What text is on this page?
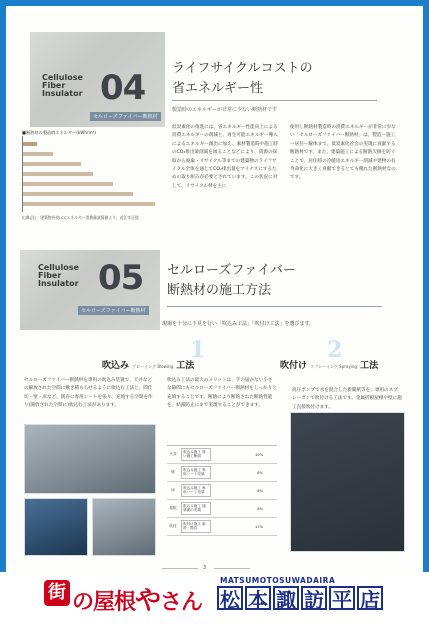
Cellulose
Fiber
Insulator 04
セルローズファイバー断熱材
ライフサイクルコストの
省エネルギー性
製造時のエネルギーが非常に少ない断熱材です
■断熱材の製造時エネルギー(kWh/m³)
出典(注)：建築物外皮LCCエネルギー消費量試算値より、近江幸正他
低炭素化の推進には、省エネルギー性能向上による消費エネルギーの削減と、再生可能エネルギー導入によるエネルギー創出に加え、素材製造時や施工時のCO₂排出量削減を図ることなどにより、資源の採取から廃棄・リサイクル等までの建築物のライフサイクル全体を通じてCO₂排出量をマイナスにするための取り組みが必要とされています。この状況に対して、リサイクル材を主に
使用し断熱材製造時の消費エネルギーが非常に少ない「セルローズファイバー断熱材」は、製造ー施工ー居住ー解体まで、低炭素化社会の実現に貢献する断熱材です。また、建築施工による断熱欠損を防ぐことで、居住時の冷暖房エネルギー削減や建物の長寿命化に大きく貢献できるとても優れた断熱材なのです。
Cellulose
Fiber
Insulator 05
セルローズファイバー断熱材
セルローズファイバー
断熱材の施工方法
現場を十分に下見を行い「吹込み工法」「吹付け工法」を選びます。
1
吹込み ブローイング Blowing 工法
2
吹付け スプレーイング Spraying 工法
セルローズファイバー断熱材を専用の吹込み装置で、天井などの解放された空間に敷き積もらせるように吹込む工法と、間仕切・壁・床など、既存に専用シートを張り、充填する空間を作り(開放された空間に)吹込む工法があります。
吹込み工法の最大のメリットは、手の届かない小さな隙間にもセルローズファイバー断熱材をしっかりと充填することです。断熱により断熱された断熱性能を、結露防止にまで実現することができます。
高圧ポンプで水を混合した新聞紙等を、専用のスプレーガンで吹付ける工法です。金属折板屋根や壁に施工直接吹付けます。
天井	吹込み施工 厚い施工断面	10%
壁	吹込み施工 専用シート充填	8%
床	吹込み施工 専用シート充填	8%
屋根	吹込み施工 傾斜面の充填	8%
吹付	吹付け施工 新設・既存	17%
3
街 の屋根やさん
MATSUMOTOSUWADAIRA
松 本 諏 訪 平 店
